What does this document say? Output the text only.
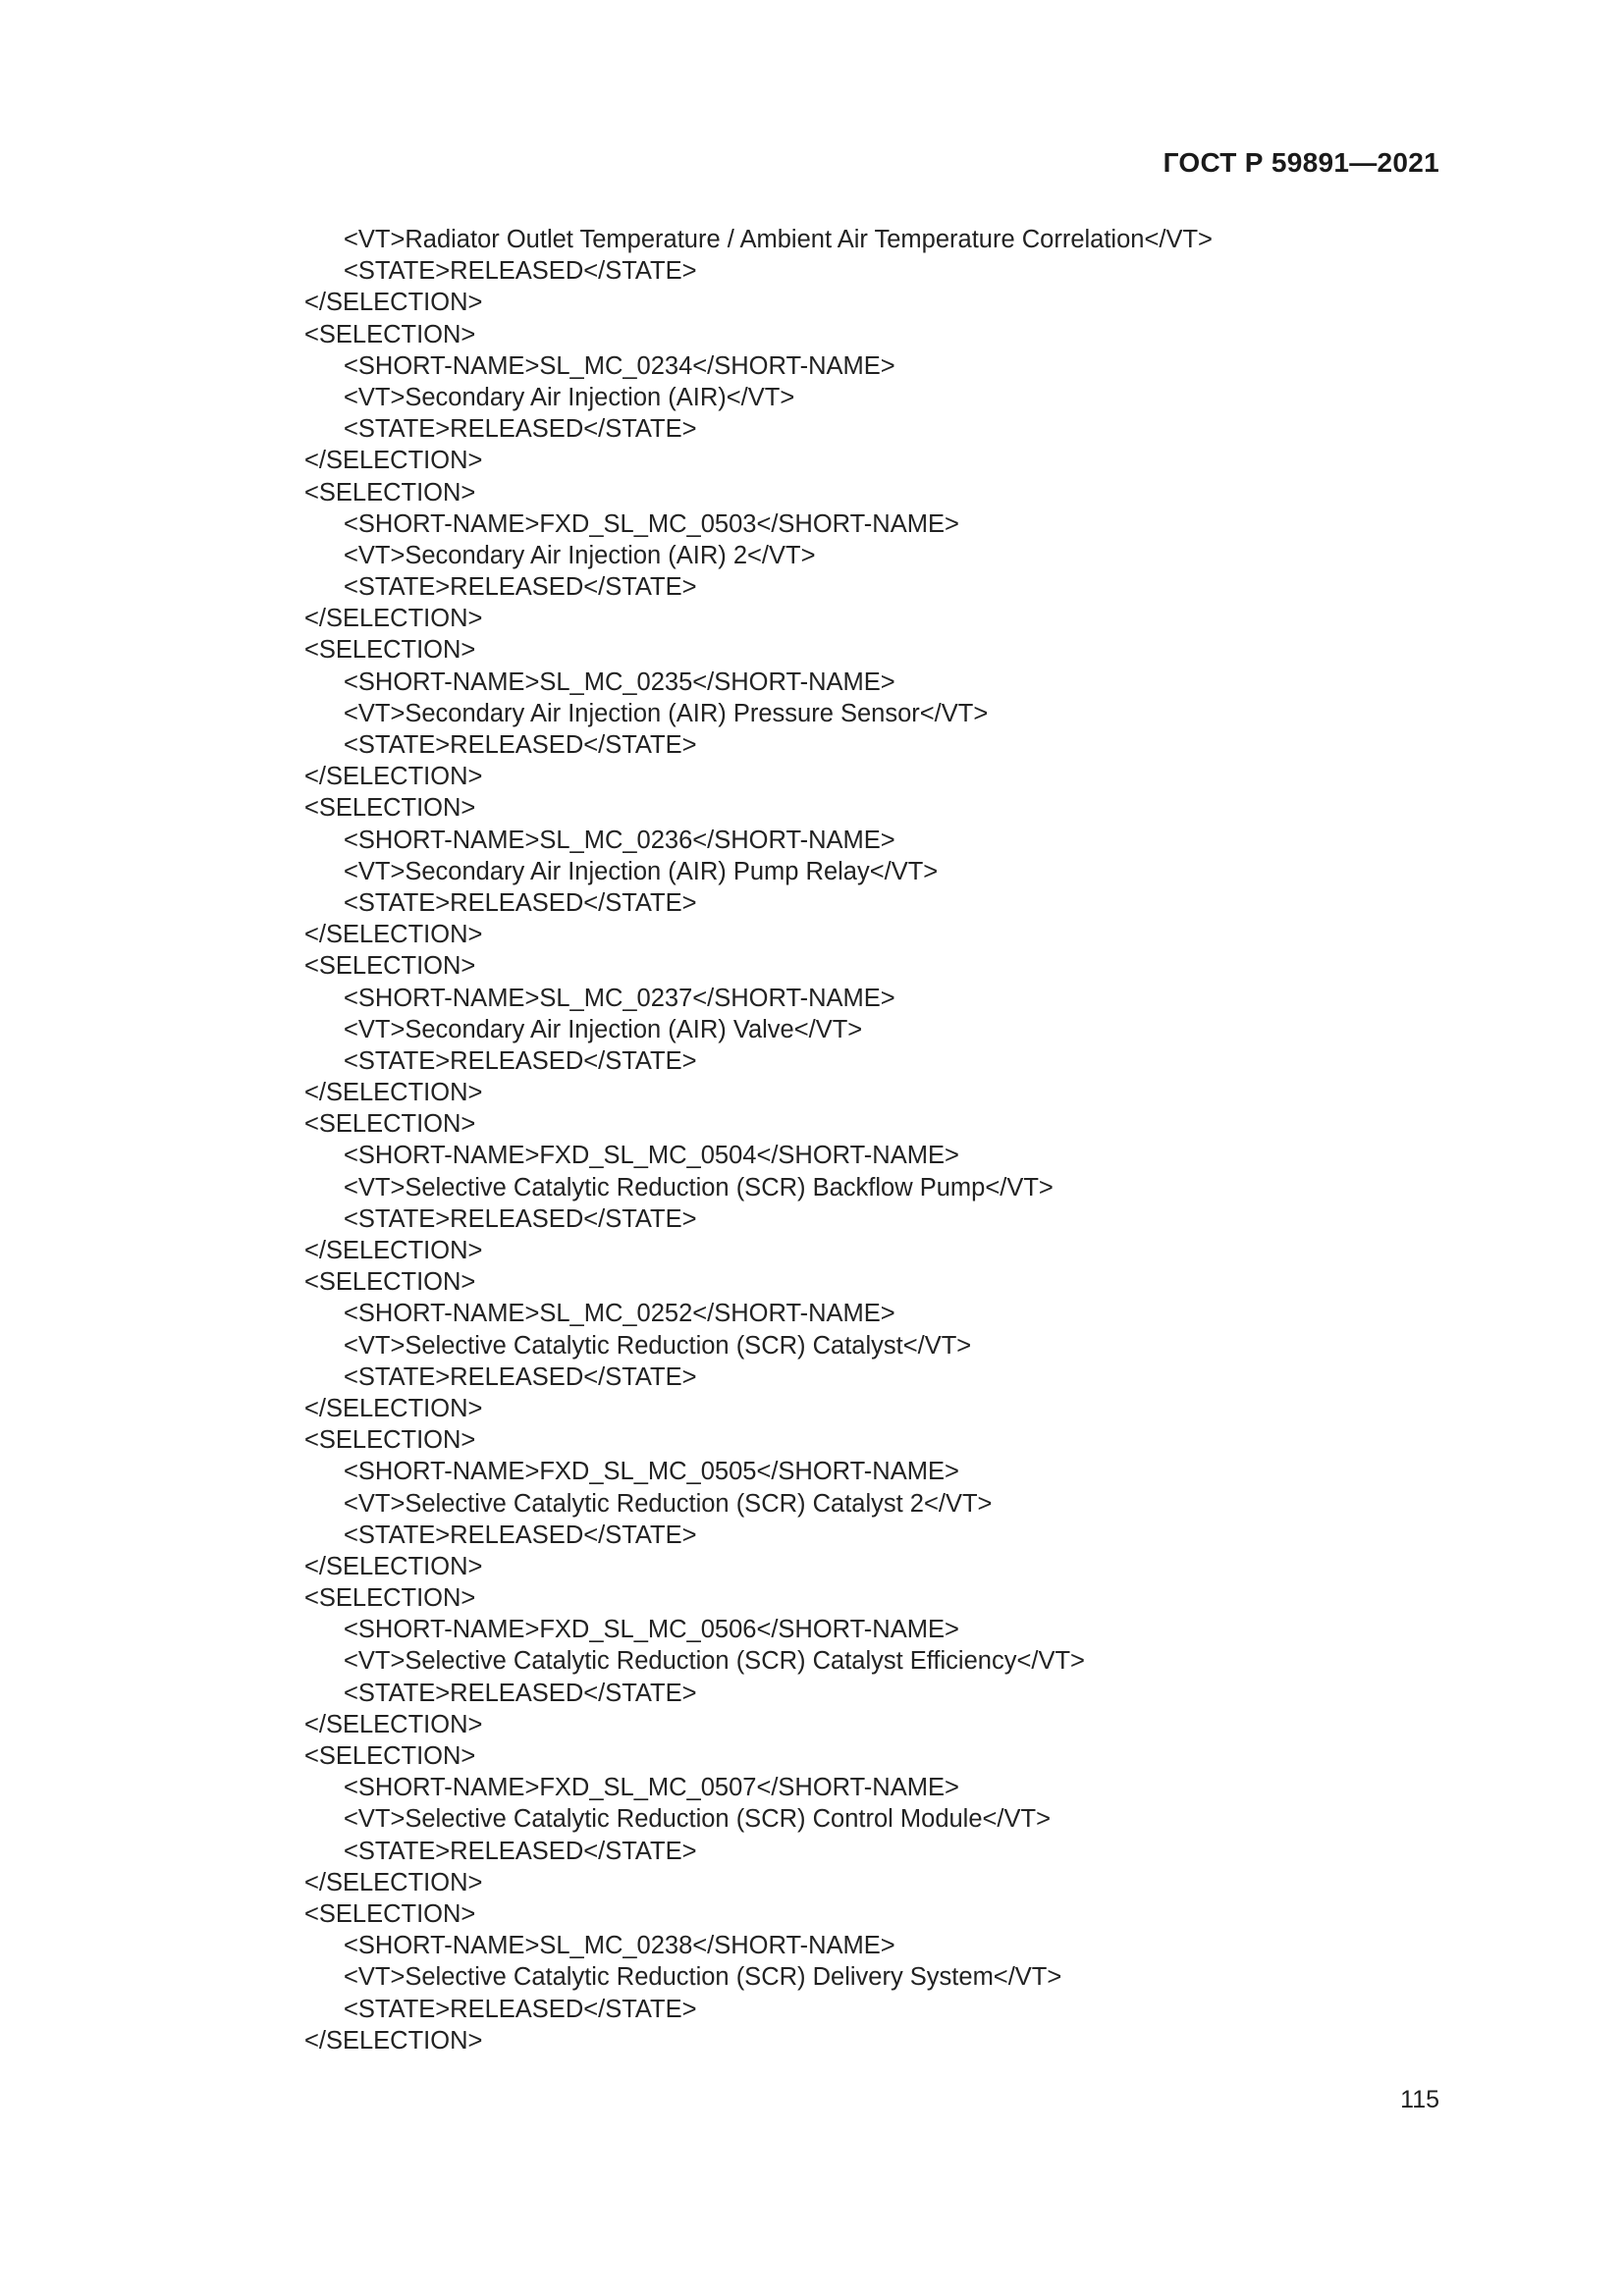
ГОСТ Р 59891—2021
<VT>Radiator Outlet Temperature / Ambient Air Temperature Correlation</VT>
<STATE>RELEASED</STATE>
</SELECTION>
<SELECTION>
<SHORT-NAME>SL_MC_0234</SHORT-NAME>
<VT>Secondary Air Injection (AIR)</VT>
<STATE>RELEASED</STATE>
</SELECTION>
<SELECTION>
<SHORT-NAME>FXD_SL_MC_0503</SHORT-NAME>
<VT>Secondary Air Injection (AIR) 2</VT>
<STATE>RELEASED</STATE>
</SELECTION>
<SELECTION>
<SHORT-NAME>SL_MC_0235</SHORT-NAME>
<VT>Secondary Air Injection (AIR) Pressure Sensor</VT>
<STATE>RELEASED</STATE>
</SELECTION>
<SELECTION>
<SHORT-NAME>SL_MC_0236</SHORT-NAME>
<VT>Secondary Air Injection (AIR) Pump Relay</VT>
<STATE>RELEASED</STATE>
</SELECTION>
<SELECTION>
<SHORT-NAME>SL_MC_0237</SHORT-NAME>
<VT>Secondary Air Injection (AIR) Valve</VT>
<STATE>RELEASED</STATE>
</SELECTION>
<SELECTION>
<SHORT-NAME>FXD_SL_MC_0504</SHORT-NAME>
<VT>Selective Catalytic Reduction (SCR) Backflow Pump</VT>
<STATE>RELEASED</STATE>
</SELECTION>
<SELECTION>
<SHORT-NAME>SL_MC_0252</SHORT-NAME>
<VT>Selective Catalytic Reduction (SCR) Catalyst</VT>
<STATE>RELEASED</STATE>
</SELECTION>
<SELECTION>
<SHORT-NAME>FXD_SL_MC_0505</SHORT-NAME>
<VT>Selective Catalytic Reduction (SCR) Catalyst 2</VT>
<STATE>RELEASED</STATE>
</SELECTION>
<SELECTION>
<SHORT-NAME>FXD_SL_MC_0506</SHORT-NAME>
<VT>Selective Catalytic Reduction (SCR) Catalyst Efficiency</VT>
<STATE>RELEASED</STATE>
</SELECTION>
<SELECTION>
<SHORT-NAME>FXD_SL_MC_0507</SHORT-NAME>
<VT>Selective Catalytic Reduction (SCR) Control Module</VT>
<STATE>RELEASED</STATE>
</SELECTION>
<SELECTION>
<SHORT-NAME>SL_MC_0238</SHORT-NAME>
<VT>Selective Catalytic Reduction (SCR) Delivery System</VT>
<STATE>RELEASED</STATE>
</SELECTION>
115
